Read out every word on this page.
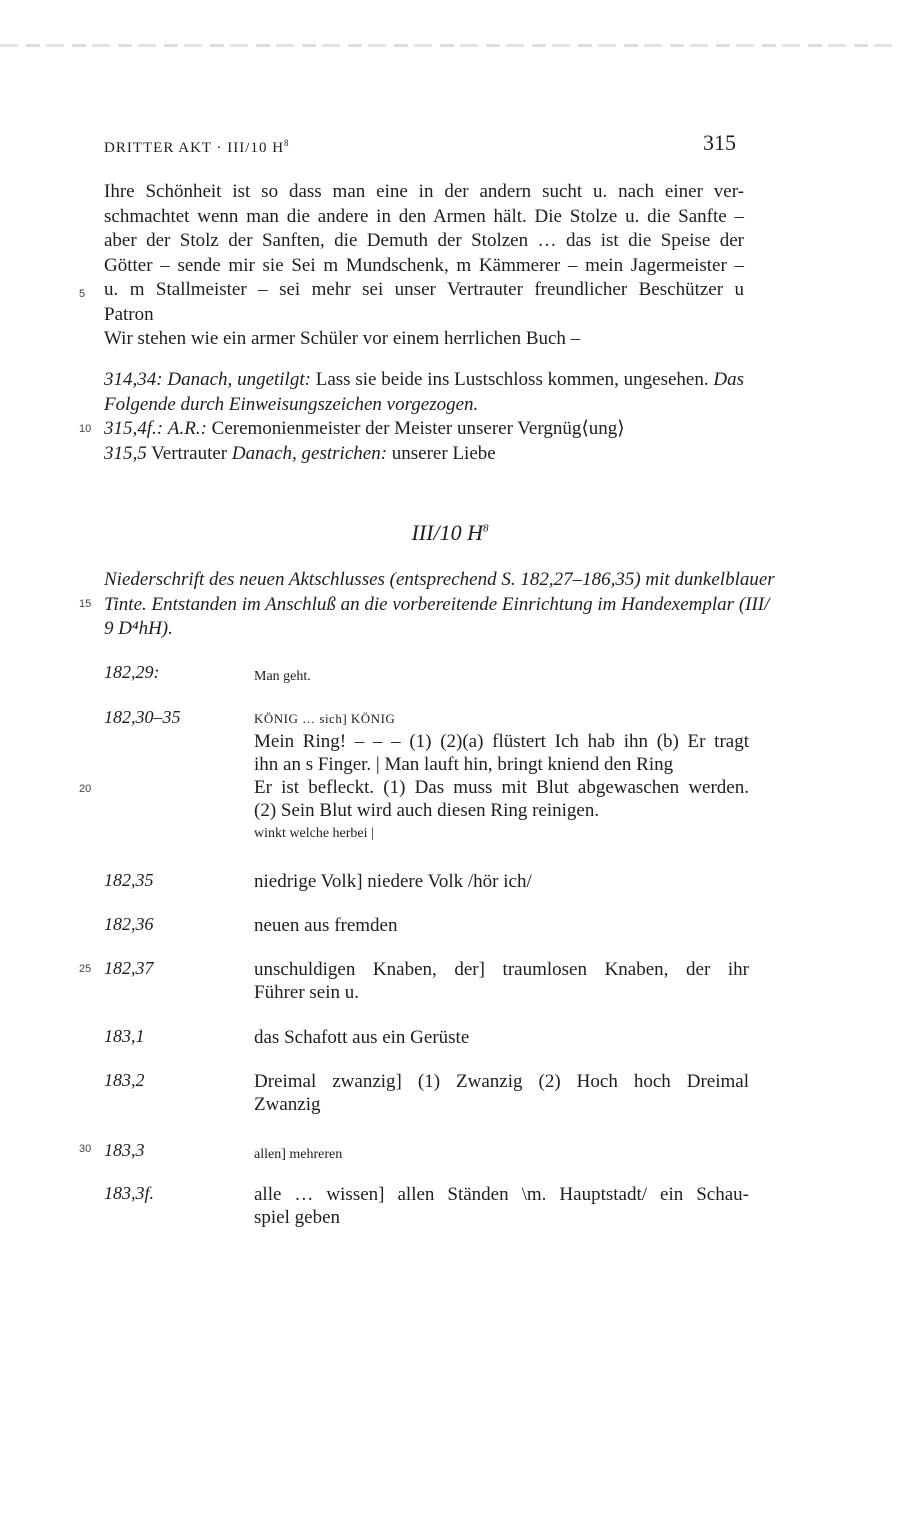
DRITTER AKT · III/10 $H^8$	315
Ihre Schönheit ist so dass man eine in der andern sucht u. nach einer ver-
schmachtet wenn man die andere in den Armen hält. Die Stolze u. die Sanfte –
aber der Stolz der Sanften, die Demuth der Stolzen … das ist die Speise der
Götter – sende mir sie Sei m Mundschenk, m Kämmerer – mein Jagermeister –
u. m Stallmeister – sei mehr sei unser Vertrauter freundlicher Beschützer u
Patron
Wir stehen wie ein armer Schüler vor einem herrlichen Buch –
5
10
15
20
25
30
314,34: Danach, ungetilgt: Lass sie beide ins Lustschloss kommen, ungesehen. Das
Folgende durch Einweisungszeichen vorgezogen.
315,4f.: A.R.: Ceremonienmeister der Meister unserer Vergnüg⟨ung⟩
315,5 Vertrauter Danach, gestrichen: unserer Liebe
III/10 $H^8$
Niederschrift des neuen Aktschlusses (entsprechend S. 182,27–186,35) mit dunkelblauer
Tinte. Entstanden im Anschluß an die vorbereitende Einrichtung im Handexemplar (III/
9 D⁴hH).
182,29:	Man geht.
182,30–35	KÖNIG … sich] KÖNIG
Mein Ring! – – – (1) (2)(a) flüstert Ich hab ihn (b) Er tragt
ihn an s Finger. | Man lauft hin, bringt kniend den Ring
Er ist befleckt. (1) Das muss mit Blut abgewaschen werden.
(2) Sein Blut wird auch diesen Ring reinigen.
winkt welche herbei |
182,35	niedrige Volk] niedere Volk /hör ich/
182,36	neuen aus fremden
182,37	unschuldigen Knaben, der] traumlosen Knaben, der ihr
Führer sein u.
183,1	das Schafott aus ein Gerüste
183,2	Dreimal zwanzig] (1) Zwanzig (2) Hoch hoch Dreimal
Zwanzig
183,3	allen] mehreren
183,3f.	alle … wissen] allen Ständen \m. Hauptstadt/ ein Schau-
spiel geben
